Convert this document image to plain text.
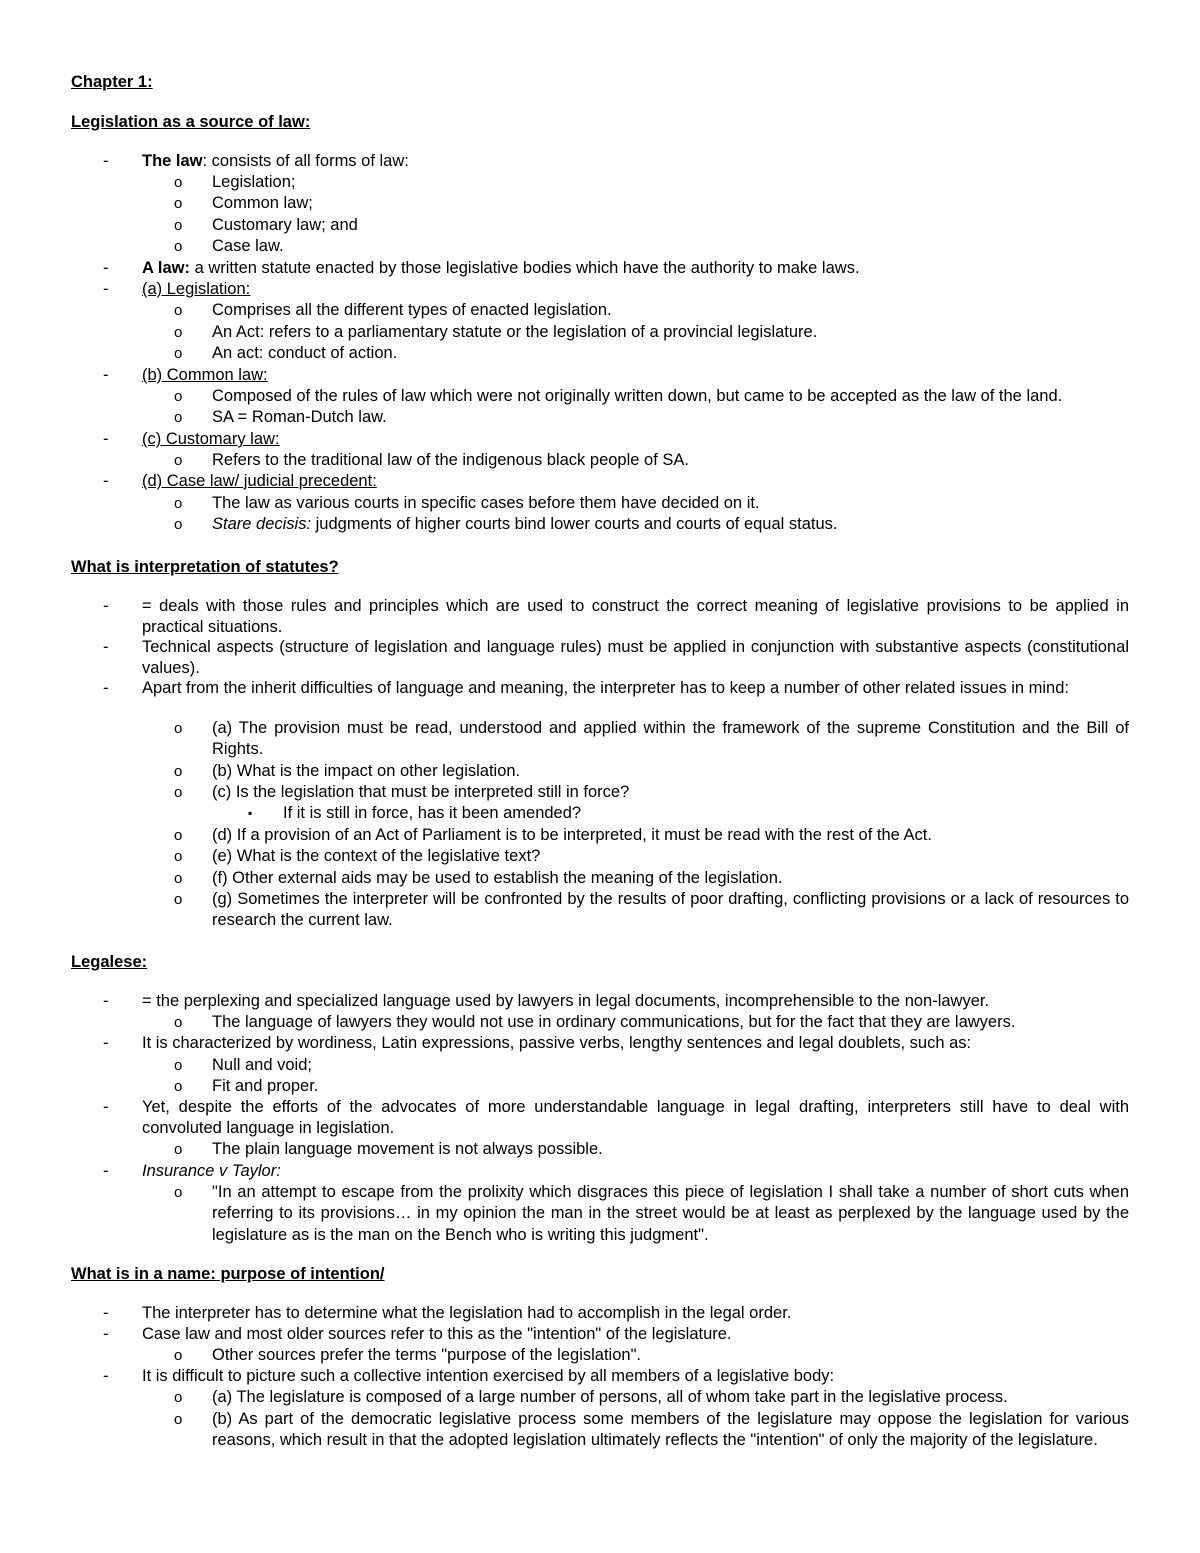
Chapter 1:
Legislation as a source of law:
- The law: consists of all forms of law:
o Legislation;
o Common law;
o Customary law; and
o Case law.
- A law: a written statute enacted by those legislative bodies which have the authority to make laws.
- (a) Legislation:
o Comprises all the different types of enacted legislation.
o An Act: refers to a parliamentary statute or the legislation of a provincial legislature.
o An act: conduct of action.
- (b) Common law:
o Composed of the rules of law which were not originally written down, but came to be accepted as the law of the land.
o SA = Roman-Dutch law.
- (c) Customary law:
o Refers to the traditional law of the indigenous black people of SA.
- (d) Case law/ judicial precedent:
o The law as various courts in specific cases before them have decided on it.
o Stare decisis: judgments of higher courts bind lower courts and courts of equal status.
What is interpretation of statutes?
- = deals with those rules and principles which are used to construct the correct meaning of legislative provisions to be applied in practical situations.
- Technical aspects (structure of legislation and language rules) must be applied in conjunction with substantive aspects (constitutional values).
- Apart from the inherit difficulties of language and meaning, the interpreter has to keep a number of other related issues in mind:
o (a) The provision must be read, understood and applied within the framework of the supreme Constitution and the Bill of Rights.
o (b) What is the impact on other legislation.
o (c) Is the legislation that must be interpreted still in force?
▪ If it is still in force, has it been amended?
o (d) If a provision of an Act of Parliament is to be interpreted, it must be read with the rest of the Act.
o (e) What is the context of the legislative text?
o (f) Other external aids may be used to establish the meaning of the legislation.
o (g) Sometimes the interpreter will be confronted by the results of poor drafting, conflicting provisions or a lack of resources to research the current law.
Legalese:
- = the perplexing and specialized language used by lawyers in legal documents, incomprehensible to the non-lawyer.
o The language of lawyers they would not use in ordinary communications, but for the fact that they are lawyers.
- It is characterized by wordiness, Latin expressions, passive verbs, lengthy sentences and legal doublets, such as:
o Null and void;
o Fit and proper.
- Yet, despite the efforts of the advocates of more understandable language in legal drafting, interpreters still have to deal with convoluted language in legislation.
o The plain language movement is not always possible.
- Insurance v Taylor:
o "In an attempt to escape from the prolixity which disgraces this piece of legislation I shall take a number of short cuts when referring to its provisions… in my opinion the man in the street would be at least as perplexed by the language used by the legislature as is the man on the Bench who is writing this judgment".
What is in a name: purpose of intention/
- The interpreter has to determine what the legislation had to accomplish in the legal order.
- Case law and most older sources refer to this as the "intention" of the legislature.
o Other sources prefer the terms "purpose of the legislation".
- It is difficult to picture such a collective intention exercised by all members of a legislative body:
o (a) The legislature is composed of a large number of persons, all of whom take part in the legislative process.
o (b) As part of the democratic legislative process some members of the legislature may oppose the legislation for various reasons, which result in that the adopted legislation ultimately reflects the "intention" of only the majority of the legislature.
